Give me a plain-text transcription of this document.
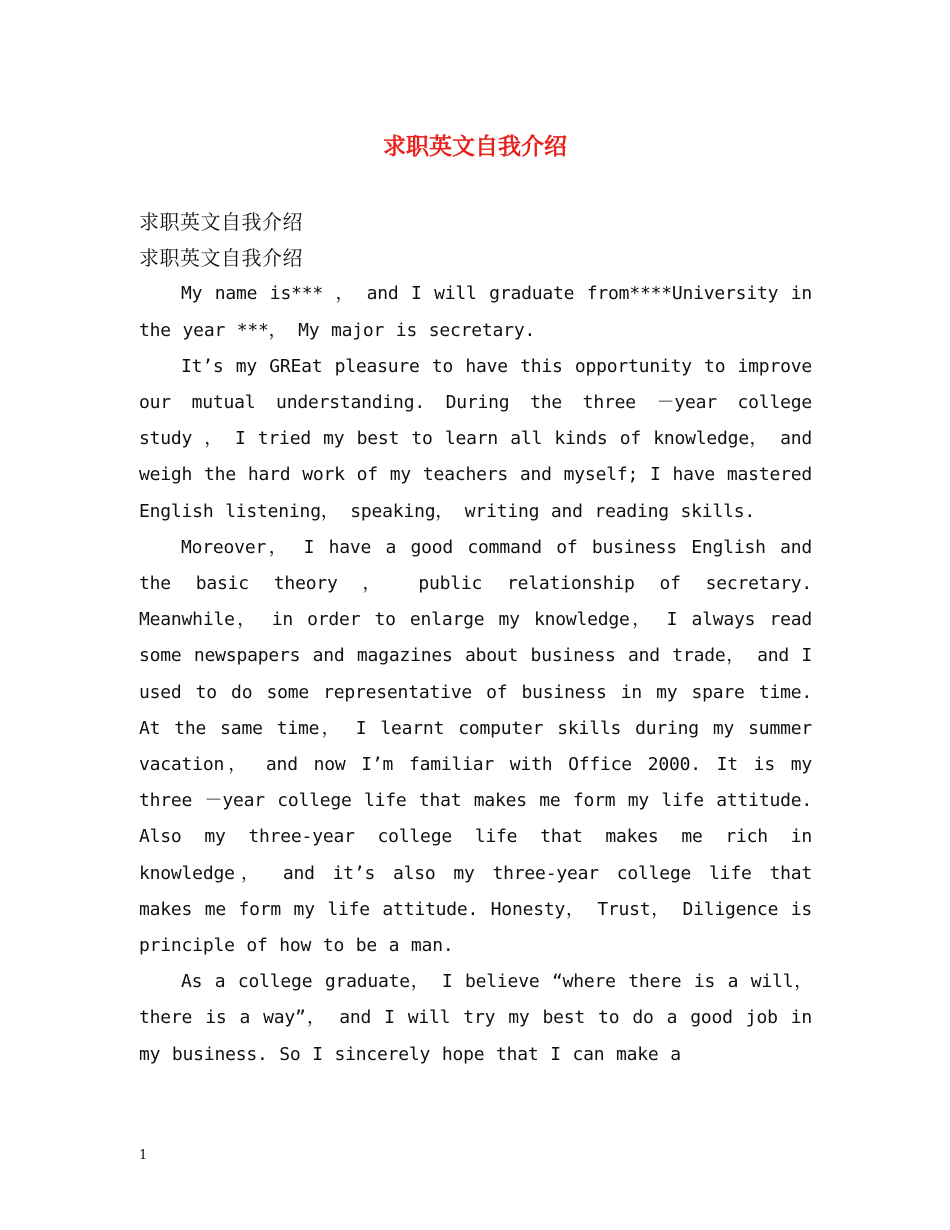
求职英文自我介绍
求职英文自我介绍
求职英文自我介绍

My name is*** ， and I will graduate from****University in the year ***， My major is secretary.

It’s my GREat pleasure to have this opportunity to improve our mutual understanding. During the three －year college study ， I tried my best to learn all kinds of knowledge， and weigh the hard work of my teachers and myself; I have mastered English listening， speaking， writing and reading skills.

Moreover， I have a good command of business English and the basic theory ， public relationship of secretary. Meanwhile， in order to enlarge my knowledge， I always read some newspapers and magazines about business and trade， and I used to do some representative of business in my spare time. At the same time， I learnt computer skills during my summer vacation， and now I’m familiar with Office 2000. It is my three －year college life that makes me form my life attitude. Also my three-year college life that makes me rich in knowledge， and it’s also my three-year college life that makes me form my life attitude. Honesty， Trust， Diligence is principle of how to be a man.

As a college graduate， I believe “where there is a will， there is a way”， and I will try my best to do a good job in my business. So I sincerely hope that I can make a

1
